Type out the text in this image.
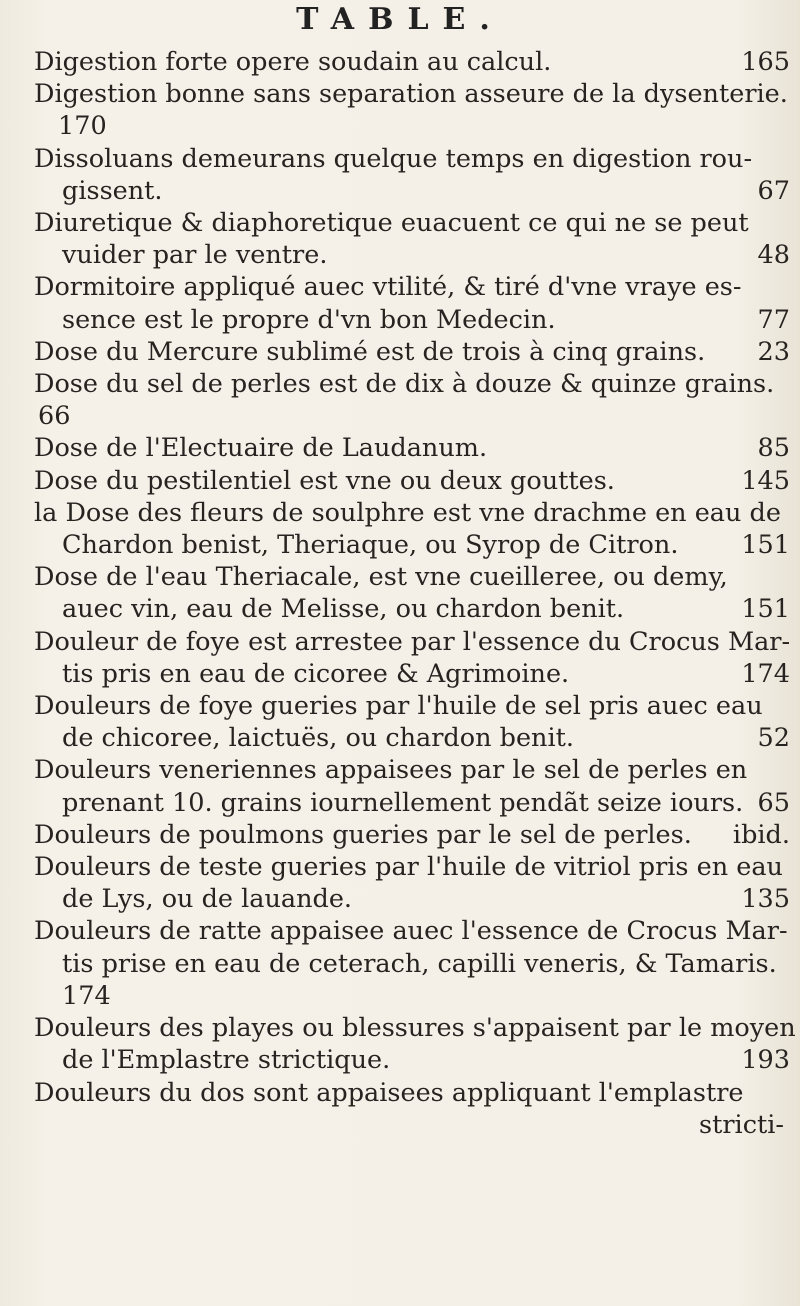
TABLE.
Digestion forte opere soudain au calcul.	165
Digestion bonne sans separation asseure de la dysenterie.
170
Dissoluans demeurans quelque temps en digestion rou-
gissent.	67
Diuretique & diaphoretique euacuent ce qui ne se peut
vuider par le ventre.	48
Dormitoire appliqué auec vtilité, & tiré d'vne vraye es-
sence est le propre d'vn bon Medecin.	77
Dose du Mercure sublimé est de trois à cinq grains.	23
Dose du sel de perles est de dix à douze & quinze grains.
66
Dose de l'Electuaire de Laudanum.	85
Dose du pestilentiel est vne ou deux gouttes.	145
la Dose des fleurs de soulphre est vne drachme en eau de
Chardon benist, Theriaque, ou Syrop de Citron.	151
Dose de l'eau Theriacale, est vne cueilleree, ou demy,
auec vin, eau de Melisse, ou chardon benit.	151
Douleur de foye est arrestee par l'essence du Crocus Mar-
tis pris en eau de cicoree & Agrimoine.	174
Douleurs de foye gueries par l'huile de sel pris auec eau
de chicoree, laictuës, ou chardon benit.	52
Douleurs veneriennes appaisees par le sel de perles en
prenant 10. grains iournellement pendãt seize iours. 65
Douleurs de poulmons gueries par le sel de perles.	ibid.
Douleurs de teste gueries par l'huile de vitriol pris en eau
de Lys, ou de lauande.	135
Douleurs de ratte appaisee auec l'essence de Crocus Mar-
tis prise en eau de ceterach, capilli veneris, & Tamaris.
174
Douleurs des playes ou blessures s'appaisent par le moyen
de l'Emplastre strictique.	193
Douleurs du dos sont appaisees appliquant l'emplastre
stricti-
